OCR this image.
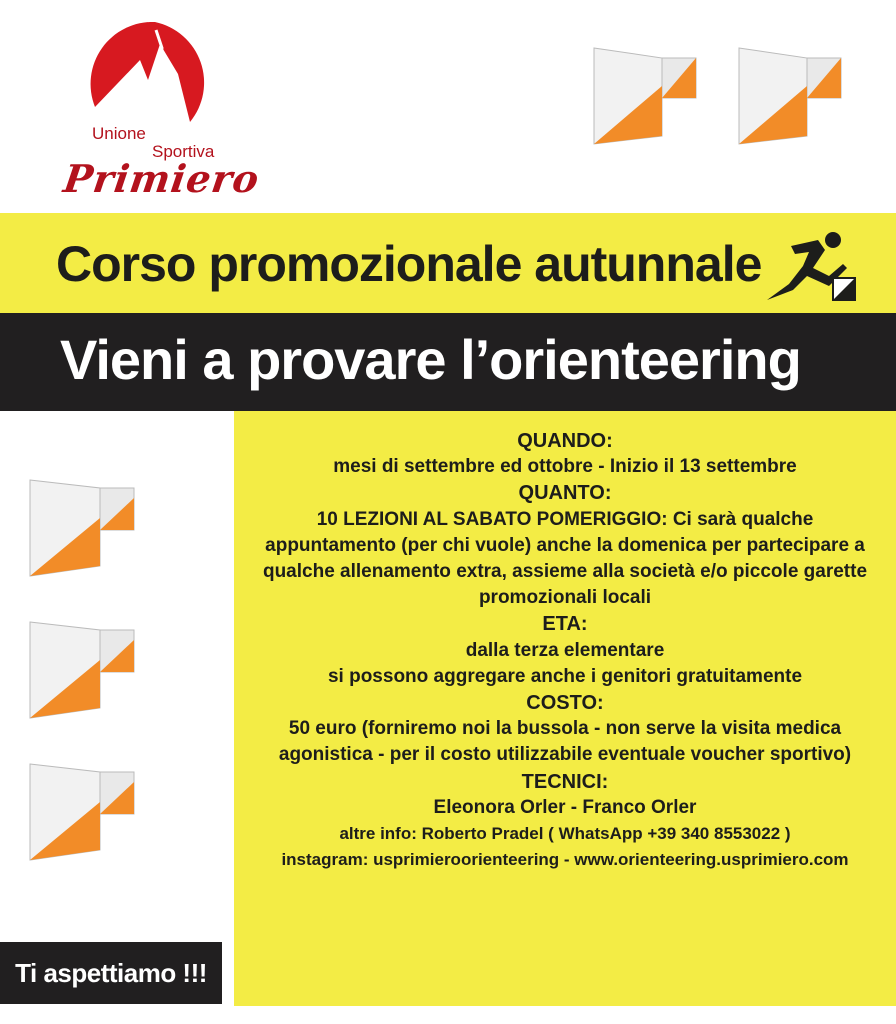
Unione
Sportiva
Primiero
Corso promozionale autunnale
Vieni a provare l’orienteering
QUANDO:
mesi di settembre ed ottobre - Inizio il 13 settembre
QUANTO:
10 LEZIONI AL SABATO POMERIGGIO: Ci sarà qualche
appuntamento (per chi vuole) anche la domenica per partecipare a
qualche allenamento extra, assieme alla società e/o piccole garette
promozionali locali
ETA:
dalla terza elementare
si possono aggregare anche i genitori gratuitamente
COSTO:
50 euro (forniremo noi la bussola - non serve la visita medica
agonistica - per il costo utilizzabile eventuale voucher sportivo)
TECNICI:
Eleonora Orler - Franco Orler
altre info: Roberto Pradel ( WhatsApp +39 340 8553022 )
instagram: usprimieroorienteering - www.orienteering.usprimiero.com
Ti aspettiamo !!!
